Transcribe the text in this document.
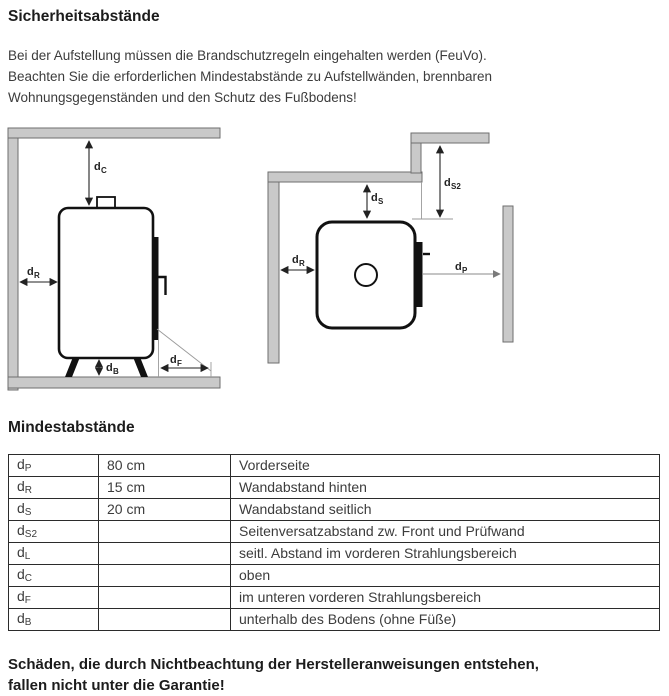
Sicherheitsabstände

Bei der Aufstellung müssen die Brandschutzregeln eingehalten werden (FeuVo).
Beachten Sie die erforderlichen Mindestabstände zu Aufstellwänden, brennbaren
Wohnungsgegenständen und den Schutz des Fußbodens!

d C
d R
d B
d F
d S
d S2
d R	d P
Mindestabstände
dP	80 cm	Vorderseite
dR	15 cm	Wandabstand hinten
dS	20 cm	Wandabstand seitlich
dS2		Seitenversatzabstand zw. Front und Prüfwand
dL		seitl. Abstand im vorderen Strahlungsbereich
dC		oben
dF		im unteren vorderen Strahlungsbereich
dB		unterhalb des Bodens (ohne Füße)

Schäden, die durch Nichtbeachtung der Herstelleranweisungen entstehen,
fallen nicht unter die Garantie!
